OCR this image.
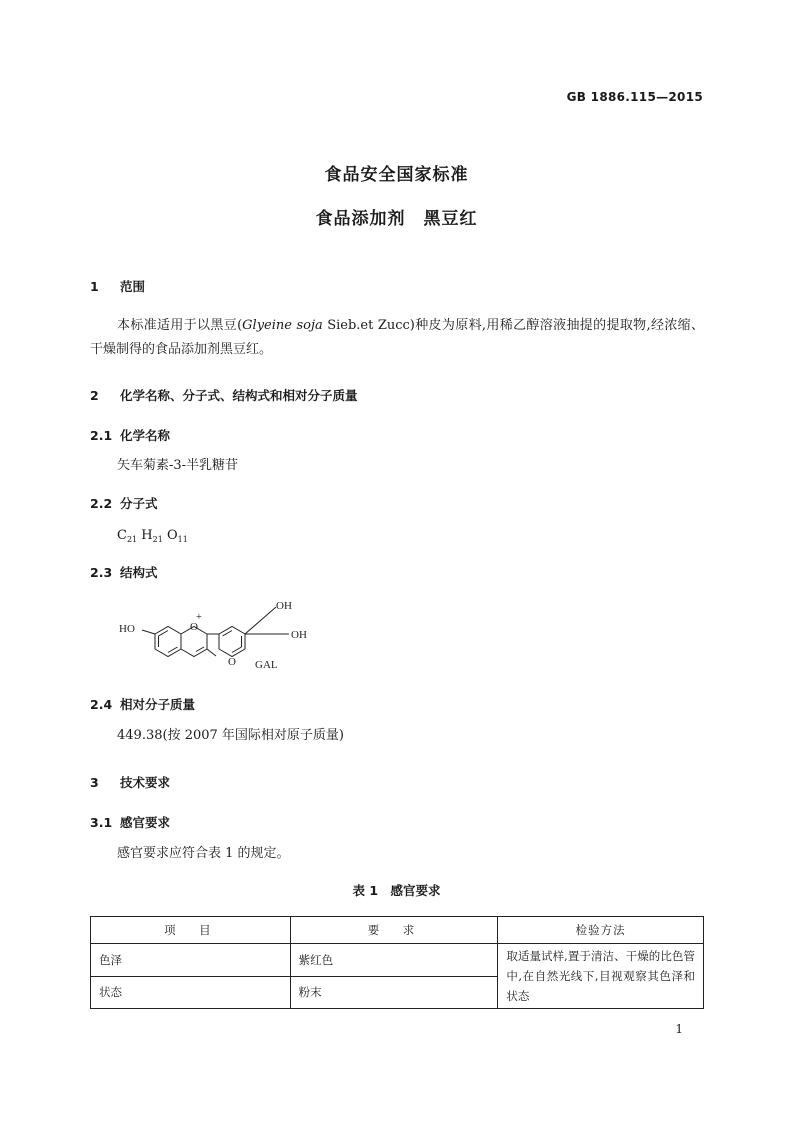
GB 1886.115—2015
食品安全国家标准
食品添加剂　黑豆红
1 范围
本标准适用于以黑豆(Glyeine soja Sieb.et Zucc)种皮为原料,用稀乙醇溶液抽提的提取物,经浓缩、干燥制得的食品添加剂黑豆红。
2 化学名称、分子式、结构式和相对分子质量
2.1 化学名称
矢车菊素-3-半乳糖苷
2.2 分子式
$C_{21}$ $H_{21}$ $O_{11}$
2.3 结构式
HO	O
+
OH
OH
O GAL
2.4 相对分子质量
449.38(按 2007 年国际相对原子质量)
3 技术要求
3.1 感官要求
感官要求应符合表 1 的规定。
表 1　感官要求
项　目	要　求	检验方法
色泽	紫红色	取适量试样,置于清洁、干燥的比色管中,在自然光线下,目视观察其色泽和状态
状态	粉末	
1
